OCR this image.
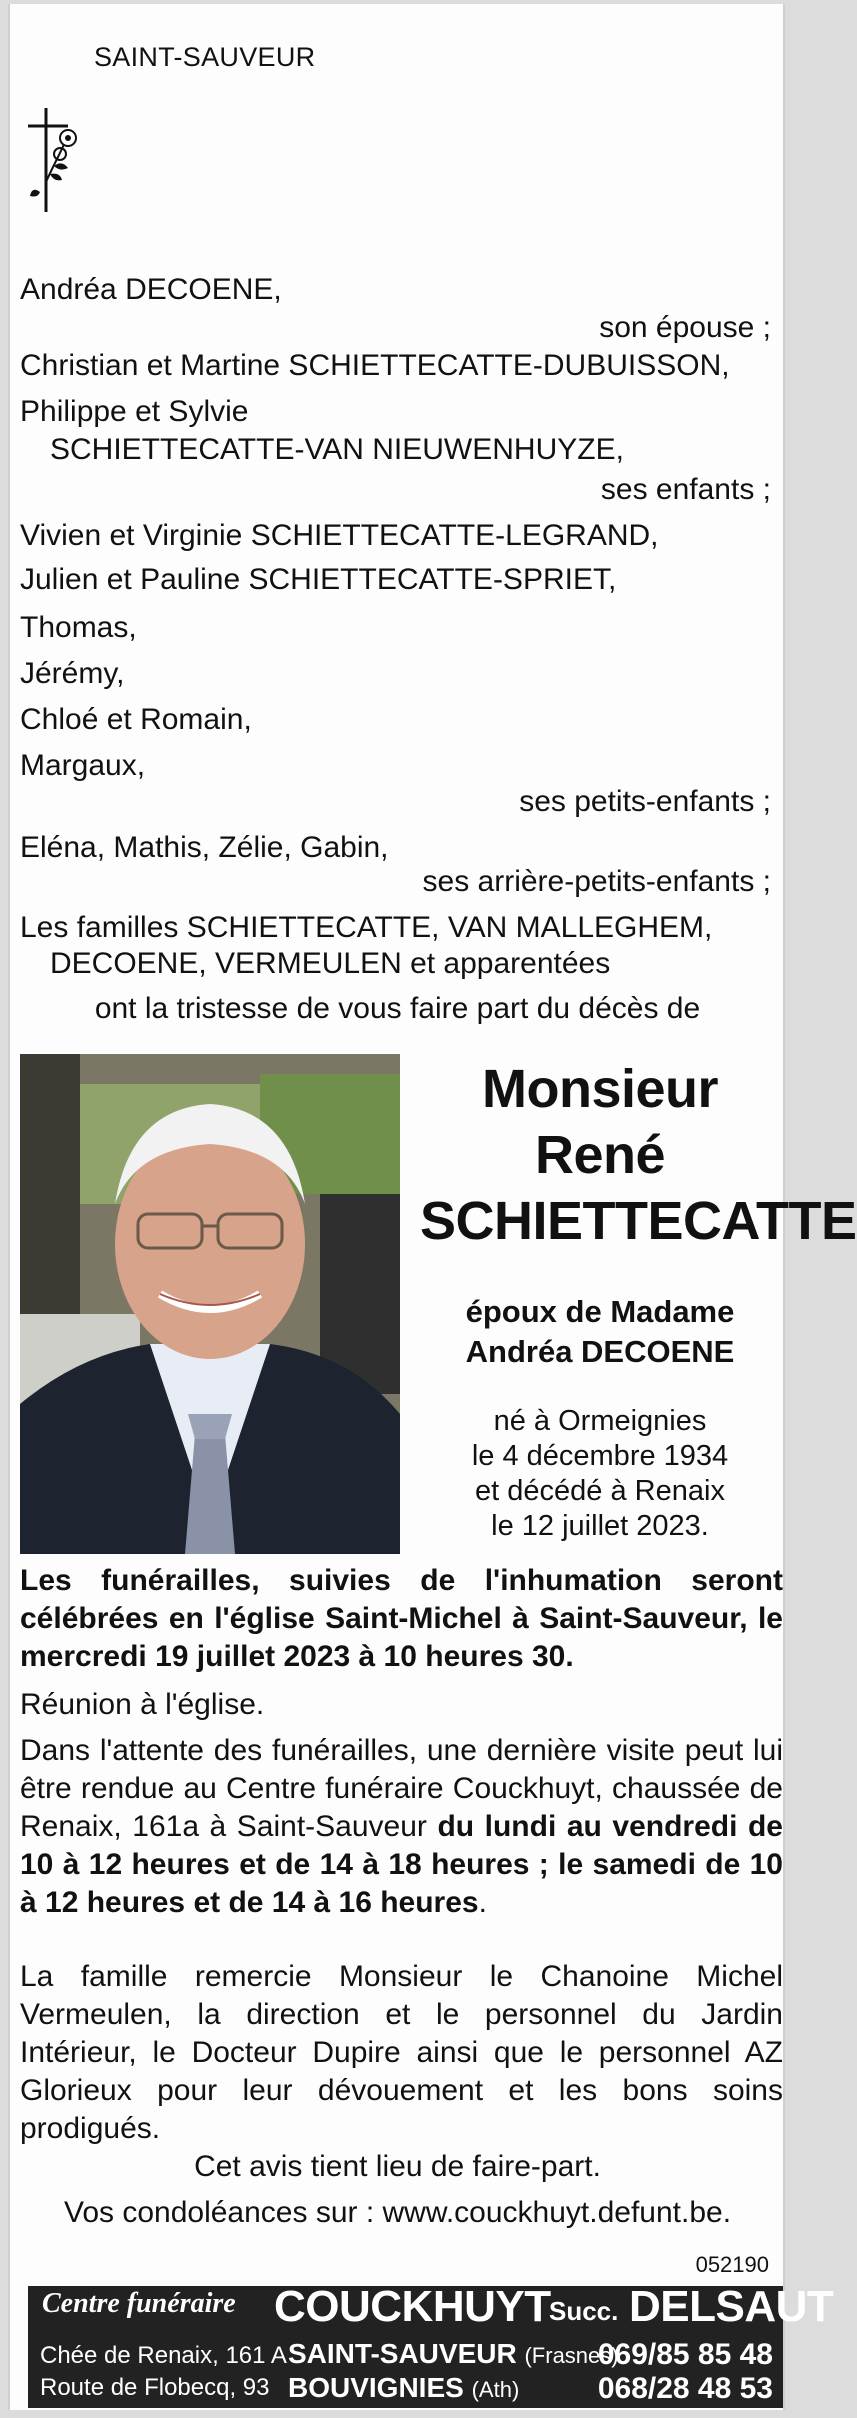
SAINT-SAUVEUR
Andréa DECOENE,
son épouse ;
Christian et Martine SCHIETTECATTE-DUBUISSON,
Philippe et Sylvie
SCHIETTECATTE-VAN NIEUWENHUYZE,
ses enfants ;
Vivien et Virginie SCHIETTECATTE-LEGRAND,
Julien et Pauline SCHIETTECATTE-SPRIET,
Thomas,
Jérémy,
Chloé et Romain,
Margaux,
ses petits-enfants ;
Eléna, Mathis, Zélie, Gabin,
ses arrière-petits-enfants ;
Les familles SCHIETTECATTE, VAN MALLEGHEM,
DECOENE, VERMEULEN et apparentées
ont la tristesse de vous faire part du décès de
Monsieur
René
SCHIETTECATTE
époux de Madame
Andréa DECOENE
né à Ormeignies
le 4 décembre 1934
et décédé à Renaix
le 12 juillet 2023.
Les funérailles, suivies de l'inhumation seront célébrées en l'église Saint-Michel à Saint-Sauveur, le mercredi 19 juillet 2023 à 10 heures 30.
Réunion à l'église.
Dans l'attente des funérailles, une dernière visite peut lui être rendue au Centre funéraire Couckhuyt, chaussée de Renaix, 161a à Saint-Sauveur du lundi au vendredi de 10 à 12 heures et de 14 à 18 heures ; le samedi de 10 à 12 heures et de 14 à 16 heures.
La famille remercie Monsieur le Chanoine Michel Vermeulen, la direction et le personnel du Jardin Intérieur, le Docteur Dupire ainsi que le personnel AZ Glorieux pour leur dévouement et les bons soins prodigués.
Cet avis tient lieu de faire-part.
Vos condoléances sur : www.couckhuyt.defunt.be.
052190
Centre funéraire COUCKHUYT
Succ. DELSAUT
Chée de Renaix, 161 A
Route de Flobecq, 93
SAINT-SAUVEUR (Frasnes)
BOUVIGNIES (Ath)
069/85 85 48
068/28 48 53
